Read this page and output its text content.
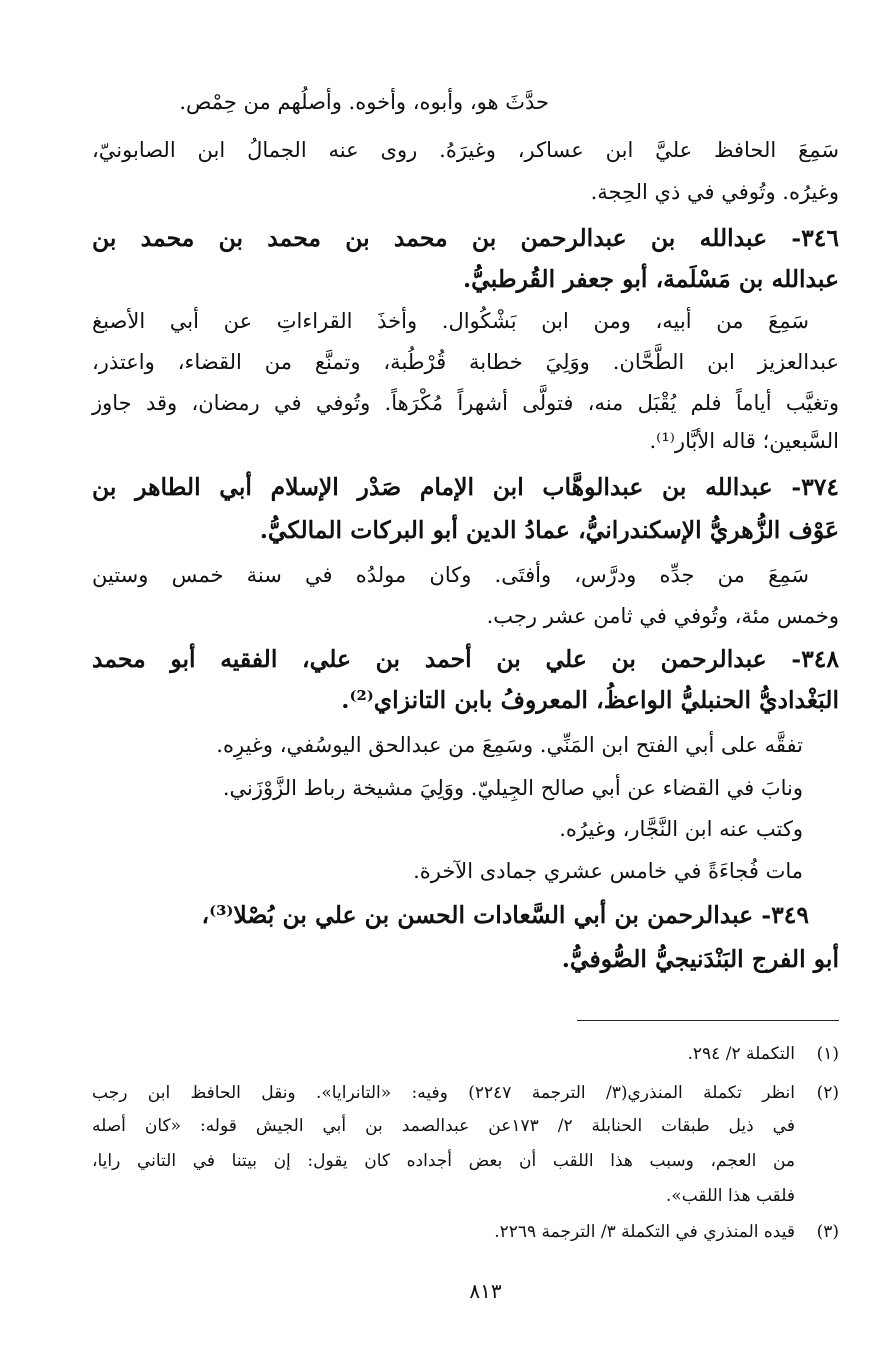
حدَّثَ هو، وأبوه، وأخوه. وأصلُهم من حِمْص.
سَمِعَ الحافظ عليَّ ابن عساكر، وغيرَهُ. روى عنه الجمالُ ابن الصابونيّ،
وغيرُه. وتُوفي في ذي الحِجة.
٣٤٦- عبدالله بن عبدالرحمن بن محمد بن محمد بن محمد بن
عبدالله بن مَسْلَمة، أبو جعفر القُرطبيُّ.
سَمِعَ من أبيه، ومن ابن بَشْكُوال. وأخذَ القراءاتِ عن أبي الأصبغ
عبدالعزيز ابن الطَّحَّان. ووَلِيَ خطابة قُرْطُبة، وتمنَّع من القضاء، واعتذر،
وتغيَّب أياماً فلم يُقْبَل منه، فتولَّى أشهراً مُكْرَهاً. وتُوفي في رمضان، وقد جاوز
السَّبعين؛ قاله الأبَّار⁽¹⁾.
٣٧٤- عبدالله بن عبدالوهَّاب ابن الإمام صَدْر الإسلام أبي الطاهر بن
عَوْف الزُّهريُّ الإسكندرانيُّ، عمادُ الدين أبو البركات المالكيُّ.
سَمِعَ من جدِّه ودرَّس، وأفتَى. وكان مولدُه في سنة خمس وستين
وخمس مئة، وتُوفي في ثامن عشر رجب.
٣٤٨- عبدالرحمن بن علي بن أحمد بن علي، الفقيه أبو محمد
البَغْداديُّ الحنبليُّ الواعظُ، المعروفُ بابن التانزاي⁽²⁾.
تفقَّه على أبي الفتح ابن المَنِّي. وسَمِعَ من عبدالحق اليوسُفي، وغيرِه.
ونابَ في القضاء عن أبي صالح الجِيليّ. ووَلِيَ مشيخة رباط الزَّوْزَني.
وكتب عنه ابن النَّجَّار، وغيرُه.
مات فُجاءَةً في خامس عشري جمادى الآخرة.
٣٤٩- عبدالرحمن بن أبي السَّعادات الحسن بن علي بن بُصْلا⁽³⁾،
أبو الفرج البَنْدَنيجيُّ الصُّوفيُّ.
(١)التكملة ٢/ ٢٩٤.
(٢)انظر تكملة المنذري(٣/ الترجمة ٢٢٤٧) وفيه: «التانرايا». ونقل الحافظ ابن رجب
في ذيل طبقات الحنابلة ٢/ ١٧٣عن عبدالصمد بن أبي الجيش قوله: «كان أصله
من العجم، وسبب هذا اللقب أن بعض أجداده كان يقول: إن بيتنا في التاني رايا،
فلقب هذا اللقب».
(٣)قيده المنذري في التكملة ٣/ الترجمة ٢٢٦٩.
٨١٣
